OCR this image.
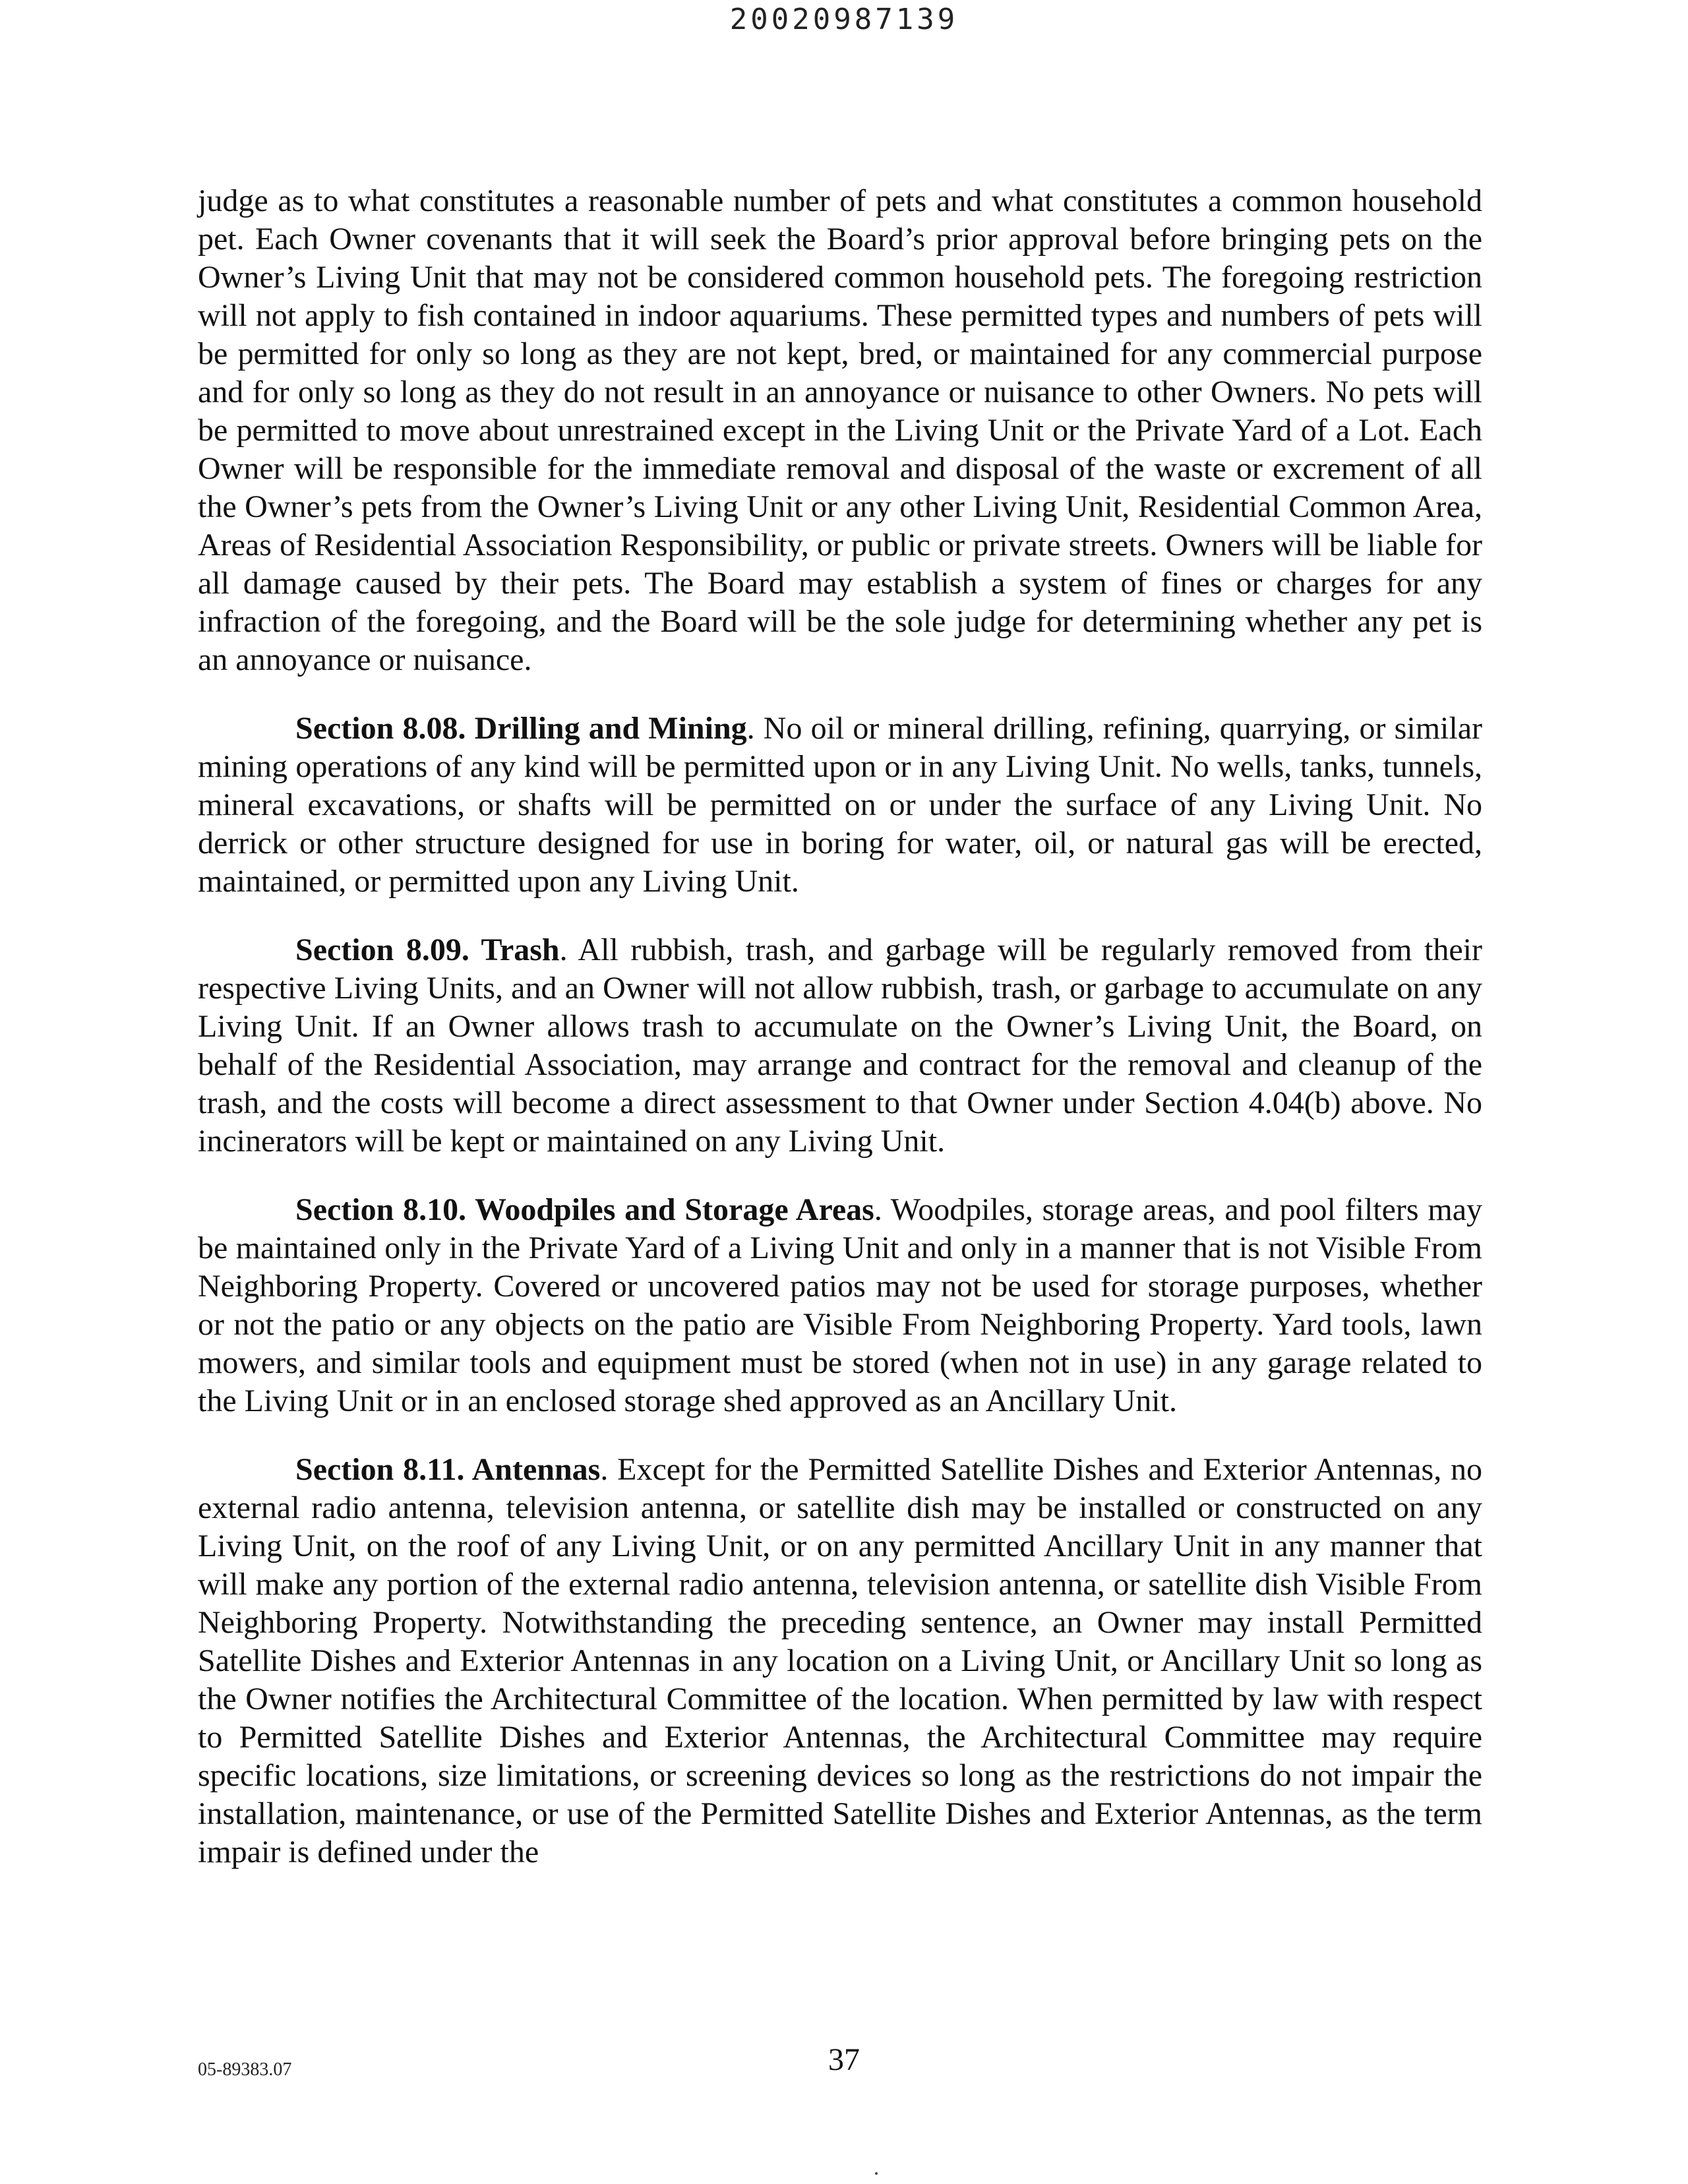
20020987139

judge as to what constitutes a reasonable number of pets and what constitutes a common household pet. Each Owner covenants that it will seek the Board’s prior approval before bringing pets on the Owner’s Living Unit that may not be considered common household pets. The foregoing restriction will not apply to fish contained in indoor aquariums. These permitted types and numbers of pets will be permitted for only so long as they are not kept, bred, or maintained for any commercial purpose and for only so long as they do not result in an annoyance or nuisance to other Owners. No pets will be permitted to move about unrestrained except in the Living Unit or the Private Yard of a Lot. Each Owner will be responsible for the immediate removal and disposal of the waste or excrement of all the Owner’s pets from the Owner’s Living Unit or any other Living Unit, Residential Common Area, Areas of Residential Association Responsibility, or public or private streets. Owners will be liable for all damage caused by their pets. The Board may establish a system of fines or charges for any infraction of the foregoing, and the Board will be the sole judge for determining whether any pet is an annoyance or nuisance.

Section 8.08. Drilling and Mining. No oil or mineral drilling, refining, quarrying, or similar mining operations of any kind will be permitted upon or in any Living Unit. No wells, tanks, tunnels, mineral excavations, or shafts will be permitted on or under the surface of any Living Unit. No derrick or other structure designed for use in boring for water, oil, or natural gas will be erected, maintained, or permitted upon any Living Unit.

Section 8.09. Trash. All rubbish, trash, and garbage will be regularly removed from their respective Living Units, and an Owner will not allow rubbish, trash, or garbage to accumulate on any Living Unit. If an Owner allows trash to accumulate on the Owner’s Living Unit, the Board, on behalf of the Residential Association, may arrange and contract for the removal and cleanup of the trash, and the costs will become a direct assessment to that Owner under Section 4.04(b) above. No incinerators will be kept or maintained on any Living Unit.

Section 8.10. Woodpiles and Storage Areas. Woodpiles, storage areas, and pool filters may be maintained only in the Private Yard of a Living Unit and only in a manner that is not Visible From Neighboring Property. Covered or uncovered patios may not be used for storage purposes, whether or not the patio or any objects on the patio are Visible From Neighboring Property. Yard tools, lawn mowers, and similar tools and equipment must be stored (when not in use) in any garage related to the Living Unit or in an enclosed storage shed approved as an Ancillary Unit.

Section 8.11. Antennas. Except for the Permitted Satellite Dishes and Exterior Antennas, no external radio antenna, television antenna, or satellite dish may be installed or constructed on any Living Unit, on the roof of any Living Unit, or on any permitted Ancillary Unit in any manner that will make any portion of the external radio antenna, television antenna, or satellite dish Visible From Neighboring Property. Notwithstanding the preceding sentence, an Owner may install Permitted Satellite Dishes and Exterior Antennas in any location on a Living Unit, or Ancillary Unit so long as the Owner notifies the Architectural Committee of the location. When permitted by law with respect to Permitted Satellite Dishes and Exterior Antennas, the Architectural Committee may require specific locations, size limitations, or screening devices so long as the restrictions do not impair the installation, maintenance, or use of the Permitted Satellite Dishes and Exterior Antennas, as the term impair is defined under the

05-89383.07	37
